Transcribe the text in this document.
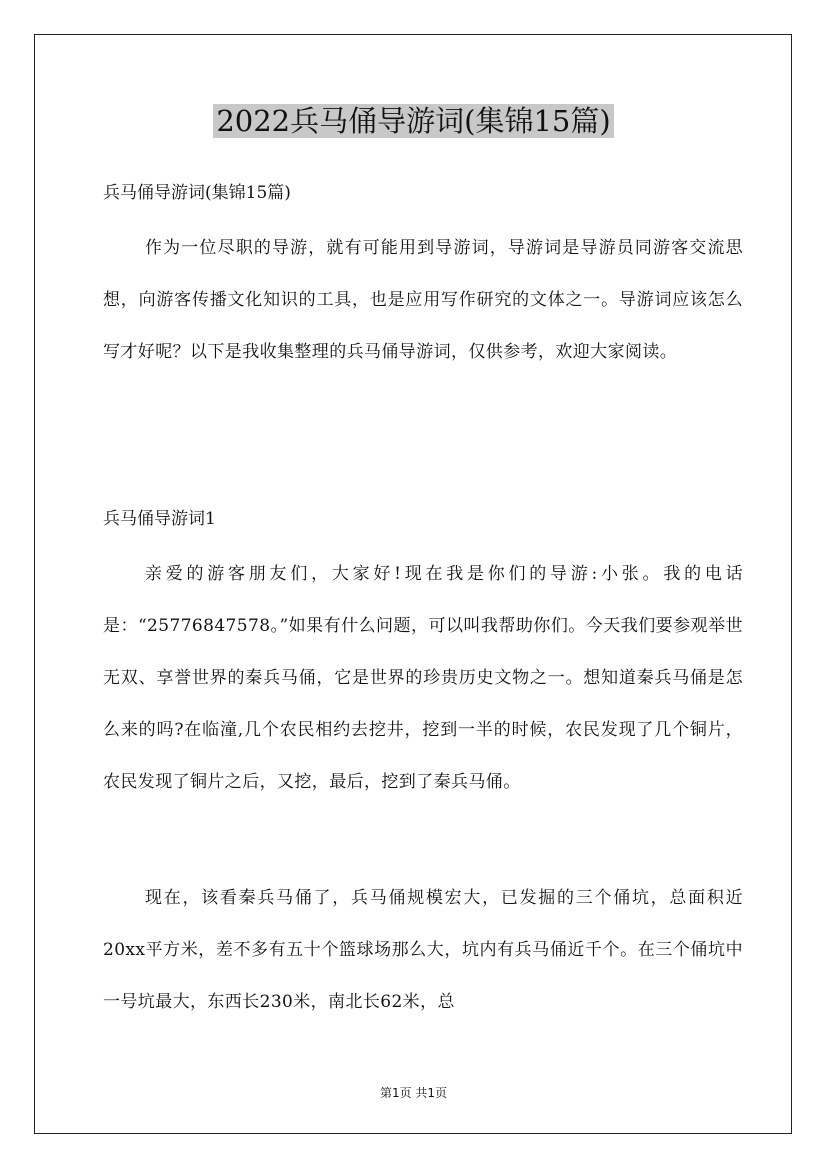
2022兵马俑导游词(集锦15篇)
兵马俑导游词(集锦15篇)
作为一位尽职的导游，就有可能用到导游词，导游词是导游员同游客交流思想，向游客传播文化知识的工具，也是应用写作研究的文体之一。导游词应该怎么写才好呢？以下是我收集整理的兵马俑导游词，仅供参考，欢迎大家阅读。
兵马俑导游词1
亲爱的游客朋友们，大家好!现在我是你们的导游:小张。我的电话是：“25776847578。”如果有什么问题，可以叫我帮助你们。今天我们要参观举世无双、享誉世界的秦兵马俑，它是世界的珍贵历史文物之一。想知道秦兵马俑是怎么来的吗?在临潼,几个农民相约去挖井，挖到一半的时候，农民发现了几个铜片，农民发现了铜片之后，又挖，最后，挖到了秦兵马俑。
现在，该看秦兵马俑了，兵马俑规模宏大，已发掘的三个俑坑，总面积近20xx平方米，差不多有五十个篮球场那么大，坑内有兵马俑近千个。在三个俑坑中一号坑最大，东西长230米，南北长62米，总
第1页 共1页
